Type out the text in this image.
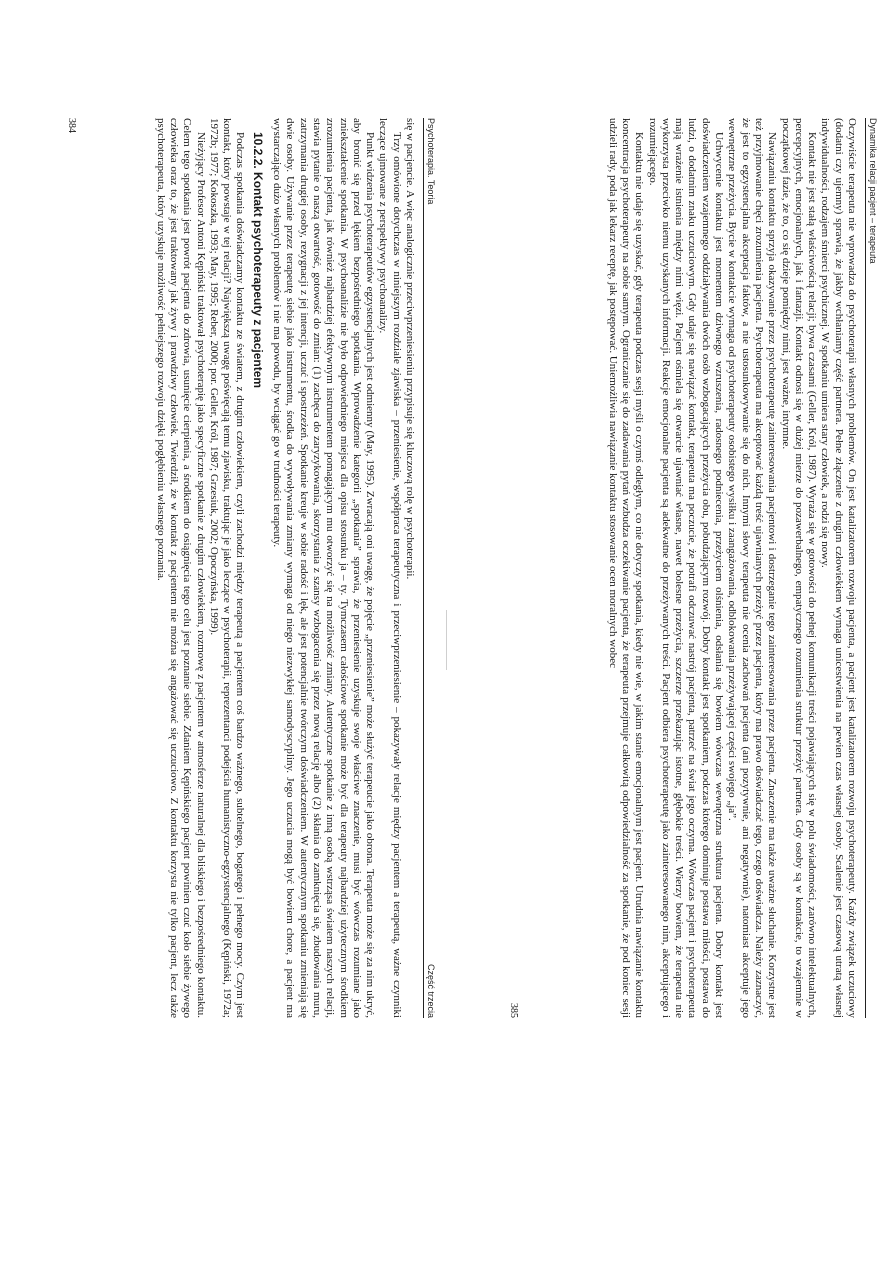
Psychoterapia. Teoria
Część trzecia

się w pacjencie. A więc analogicznie przeciwprzeniesieniu przypisuje się kluczową rolę w psychoterapii.

Trzy omówione dotychczas w niniejszym rozdziale zjawiska – przeniesienie, współpraca terapeutyczna i przeciwprzeniesienie – pokazywały relacje między pacjentem a terapeutą, ważne czynniki leczące ujmowane z perspektywy psychoanalizy.

Punkt widzenia psychoterapeutów egzystencjalnych jest odmienny (May, 1995). Zwracają oni uwagę, że pojęcie „przeniesienie” może służyć terapeucie jako obrona. Terapeuta może się za nim ukryć, aby bronić się przed lękiem bezpośredniego spotkania. Wprowadzenie kategorii „spotkania” sprawia, że przeniesienie uzyskuje swoje właściwe znaczenie, musi być wówczas rozumiane jako zniekształcenie spotkania. W psychoanalizie nie było odpowiedniego miejsca dla opisu stosunku ja – ty. Tymczasem całościowe spotkanie może być dla terapeuty najbardziej użytecznym środkiem zrozumienia pacjenta, jak również najbardziej efektywnym instrumentem pomagającym mu otworzyć się na możliwość zmiany. Autentyczne spotkanie z inną osobą wstrząsa światem naszych relacji, stawia pytanie o naszą otwartość, gotowość do zmian: (1) zachęca do zaryzykowania, skorzystania z szansy wzbogacenia się przez nową relację albo (2) skłania do zamknięcia się, zbudowania muru, zatrzymania drugiej osoby, rezygnacji z jej intencji, uczuć i spostrzeżeń. Spotkanie kreuje w sobie radość i lęk, ale jest potencjalnie twórczym doświadczeniem. W autentycznym spotkaniu zmieniają się dwie osoby. Używanie przez terapeutę siebie jako instrumentu, środka do wywoływania zmiany wymaga od niego niezwykłej samodyscypliny. Jego uczucia mogą być bowiem chore, a pacjent ma wystarczająco dużo własnych problemów i nie ma powodu, by wciągać go w trudności terapeuty.

10.2.2. Kontakt psychoterapeuty z pacjentem

Podczas spotkania doświadczamy kontaktu ze światem, z drugim człowiekiem, czyli zachodzi między terapeutą a pacjentem coś bardzo ważnego, subtelnego, bogatego i pełnego mocy. Czym jest kontakt, który powstaje w tej relacji? Największą uwagę poświęcają temu zjawisku, traktując je jako leczące w psychoterapii, reprezentanci podejścia humanistyczno-egzystencjalnego (Kępiński, 1972a; 1972b; 1977; Kokoszka, 1993; May, 1995; Reber, 2000; por. Geller, Król, 1987; Grzesiuk, 2002; Opoczyńska, 1999).

Nieżyjący Profesor Antoni Kępiński traktował psychoterapię jako specyficzne spotkanie z drugim człowiekiem, rozmowę z pacjentem w atmosferze naturalnej dla bliskiego i bezpośredniego kontaktu. Celem tego spotkania jest powrót pacjenta do zdrowia, usunięcie cierpienia, a środkiem do osiągnięcia tego celu jest poznanie siebie. Zdaniem Kępińskiego pacjent powinien czuć koło siebie żywego człowieka oraz to, że jest traktowany jak żywy i prawdziwy człowiek. Twierdził, że w kontakt z pacjentem nie można się angażować się uczuciowo. Z kontaktu korzysta nie tylko pacjent, lecz także psychoterapeuta, który uzyskuje możliwość pełniejszego rozwoju dzięki pogłębieniu własnego poznania.

384	Dynamika relacji pacjent – terapeuta

Oczywiście terapeuta nie wprowadza do psychoterapii własnych problemów. On jest katalizatorem rozwoju pacjenta, a pacjent jest katalizatorem rozwoju psychoterapeuty. Każdy związek uczuciowy (dodatni czy ujemny) sprawia, że jakby wchłaniamy część partnera. Pełne złączenie z drugim człowiekiem wymaga unicestwienia na pewien czas własnej osoby. Scalenie jest czasową utratą własnej indywidualności, rodzajem śmierci psychicznej. W spotkaniu umiera stary człowiek, a rodzi się nowy.

Kontakt nie jest stałą właściwością relacji; bywa czasami (Geller, Król, 1987). Wyraża się w gotowości do pełnej komunikacji treści pojawiających się w polu świadomości, zarówno intelektualnych, percepcyjnych, emocjonalnych, jak i fantazji. Kontakt odnosi się w dużej mierze do pozawerbalnego, empatycznego rozumienia struktur przeżyć partnera. Gdy osoby są w kontakcie, to wzajemnie w początkowej fazie, że to, co się dzieje pomiędzy nimi, jest ważne, intymne.

Nawiązaniu kontaktu sprzyja okazywanie przez psychoterapeutę zainteresowania pacjentowi i dostrzeganie tego zainteresowania przez pacjenta. Znaczenie ma także uważne słuchanie. Korzystne jest też przyjmowanie chęci zrozumienia pacjenta. Psychoterapeuta ma akceptować każdą treść ujawnianych przeżyć przez pacjenta, który ma prawo doświadczać tego, czego doświadcza. Należy zaznaczyć, że jest to egzystencjalna akceptacja faktów, a nie ustosunkowywanie się do nich. Innymi słowy terapeuta nie ocenia zachowań pacjenta (ani pozytywnie, ani negatywnie), natomiast akceptuje jego wewnętrzne przeżycia. Bycie w kontakcie wymaga od psychoterapeuty osobistego wysiłku i zaangażowania, odblokowania przeżywającej części swojego „ja”.

Uchwycenie kontaktu jest momentem dziwnego wzruszenia, radosnego podniecenia, przeżyciem olśnienia, odsłania się bowiem wówczas wewnętrzna struktura pacjenta. Dobry kontakt jest doświadczeniem wzajemnego oddziaływania dwóch osób wzbogacających przeżycia obu, pobudzającym rozwój. Dobry kontakt jest spotkaniem, podczas którego dominuje postawa miłości, postawa do ludzi, o dodatnim znaku uczuciowym. Gdy udaje się nawiązać kontakt, terapeuta ma poczucie, że potrafi odczuwać nastrój pacjenta, patrzeć na świat jego oczyma. Wówczas pacjent i psychoterapeuta mają wrażenie istnienia między nimi więzi. Pacjent ośmiela się otwarcie ujawniać własne, nawet bolesne przeżycia, szczerze przekazując istotne, głębokie treści. Wierzy bowiem, że terapeuta nie wykorzysta przeciwko niemu uzyskanych informacji. Reakcje emocjonalne pacjenta są adekwatne do przeżywanych treści. Pacjent odbiera psychoterapeutę jako zainteresowanego nim, akceptującego i rozumiejącego.

Kontaktu nie udaje się uzyskać, gdy terapeuta podczas sesji myśli o czymś odległym, co nie dotyczy spotkania, kiedy nie wie, w jakim stanie emocjonalnym jest pacjent. Utrudnia nawiązanie kontaktu koncentracja psychoterapeuty na sobie samym. Ograniczanie się do zadawania pytań wzbudza oczekiwanie pacjenta, że terapeuta przejmuje całkowitą odpowiedzialność za spotkanie, że pod koniec sesji udzieli rady, poda jak lekarz receptę, jak postępować. Uniemożliwia nawiązanie kontaktu stosowanie ocen moralnych wobec

385
